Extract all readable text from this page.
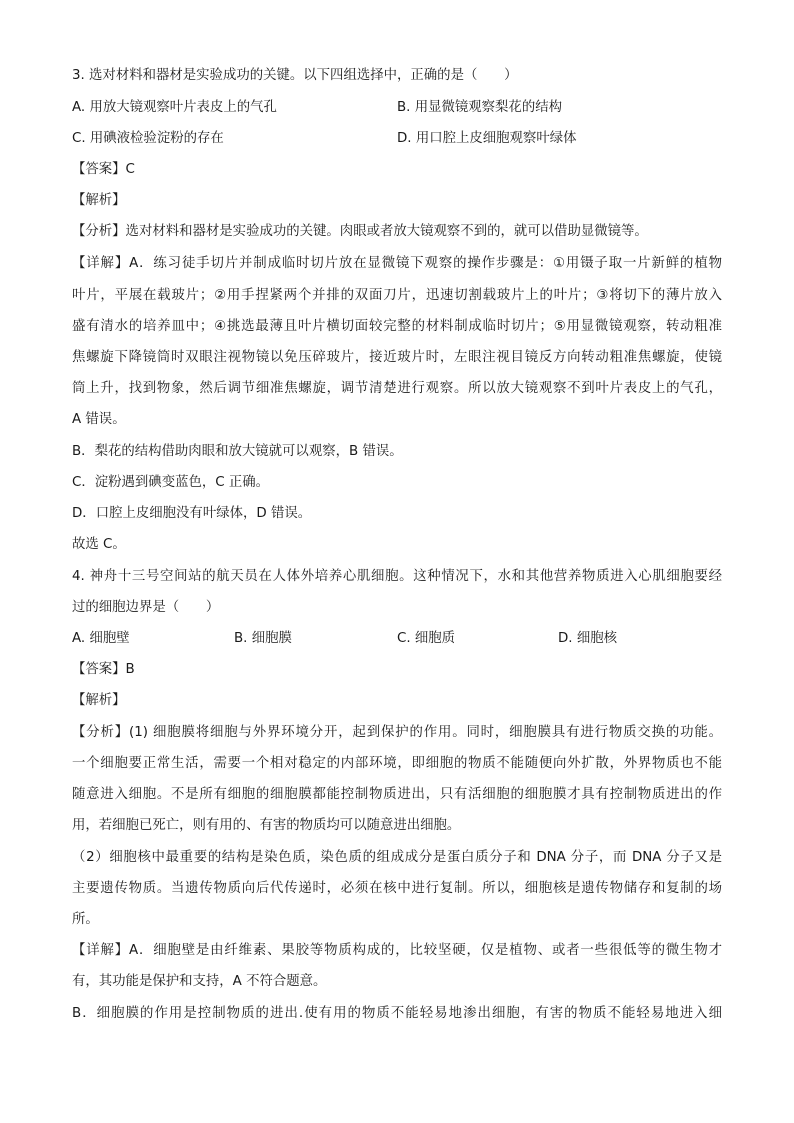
3. 选对材料和器材是实验成功的关键。以下四组选择中，正确的是（　　）
A. 用放大镜观察叶片表皮上的气孔	B. 用显微镜观察梨花的结构
C. 用碘液检验淀粉的存在	D. 用口腔上皮细胞观察叶绿体
【答案】C
【解析】
【分析】选对材料和器材是实验成功的关键。肉眼或者放大镜观察不到的，就可以借助显微镜等。
【详解】A．练习徒手切片并制成临时切片放在显微镜下观察的操作步骤是：①用镊子取一片新鲜的植物
叶片，平展在载玻片；②用手捏紧两个并排的双面刀片，迅速切割载玻片上的叶片；③将切下的薄片放入
盛有清水的培养皿中；④挑选最薄且叶片横切面较完整的材料制成临时切片；⑤用显微镜观察，转动粗准
焦螺旋下降镜筒时双眼注视物镜以免压碎玻片，接近玻片时，左眼注视目镜反方向转动粗准焦螺旋，使镜
筒上升，找到物象，然后调节细准焦螺旋，调节清楚进行观察。所以放大镜观察不到叶片表皮上的气孔，
A 错误。
B．梨花的结构借助肉眼和放大镜就可以观察，B 错误。
C．淀粉遇到碘变蓝色，C 正确。
D．口腔上皮细胞没有叶绿体，D 错误。
故选 C。
4. 神舟十三号空间站的航天员在人体外培养心肌细胞。这种情况下，水和其他营养物质进入心肌细胞要经
过的细胞边界是（　　）
A. 细胞壁	B. 细胞膜	C. 细胞质	D. 细胞核
【答案】B
【解析】
【分析】(1) 细胞膜将细胞与外界环境分开，起到保护的作用。同时，细胞膜具有进行物质交换的功能。
一个细胞要正常生活，需要一个相对稳定的内部环境，即细胞的物质不能随便向外扩散，外界物质也不能
随意进入细胞。不是所有细胞的细胞膜都能控制物质进出，只有活细胞的细胞膜才具有控制物质进出的作
用，若细胞已死亡，则有用的、有害的物质均可以随意进出细胞。
（2）细胞核中最重要的结构是染色质，染色质的组成成分是蛋白质分子和 DNA 分子，而 DNA 分子又是
主要遗传物质。当遗传物质向后代传递时，必须在核中进行复制。所以，细胞核是遗传物储存和复制的场
所。
【详解】A．细胞壁是由纤维素、果胶等物质构成的，比较坚硬，仅是植物、或者一些很低等的微生物才
有，其功能是保护和支持，A 不符合题意。
B．细胞膜的作用是控制物质的进出.使有用的物质不能轻易地渗出细胞，有害的物质不能轻易地进入细
